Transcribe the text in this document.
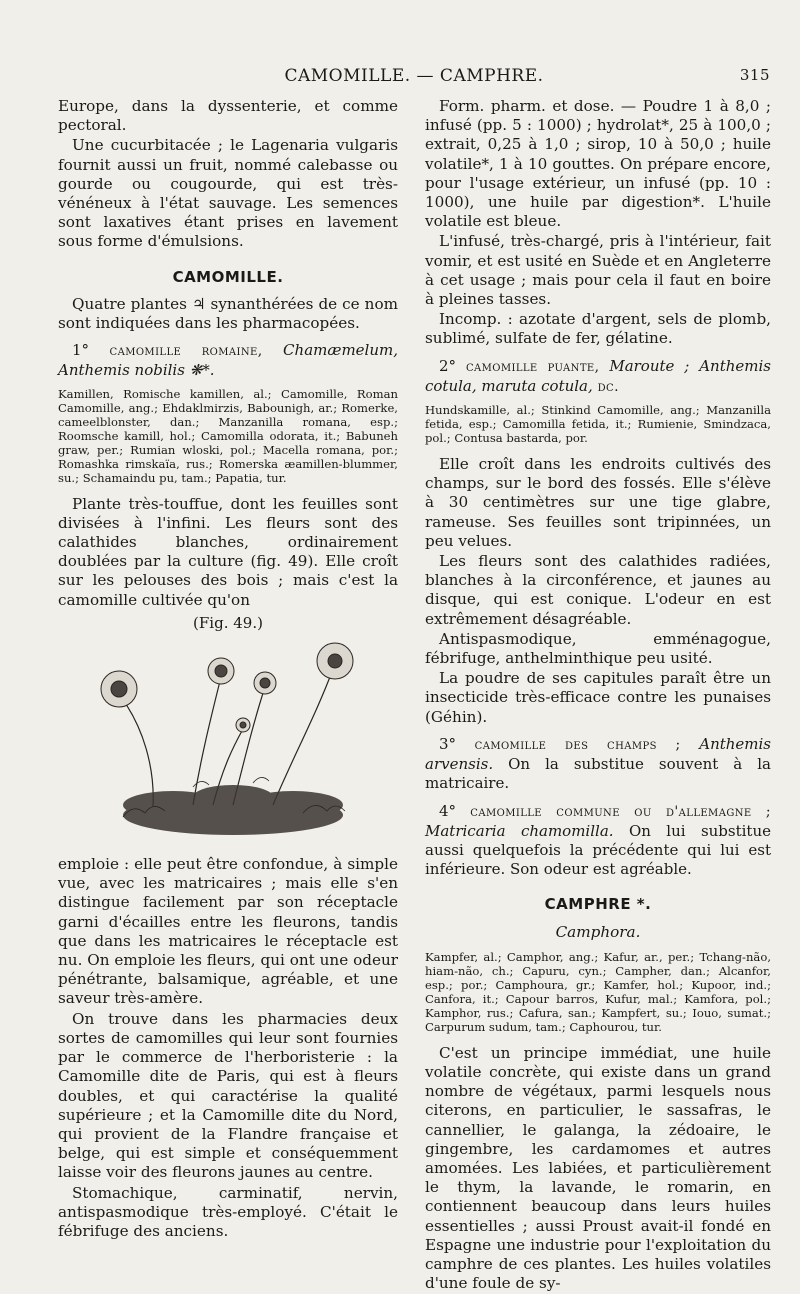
CAMOMILLE. — CAMPHRE.	315

Europe, dans la dyssenterie, et comme pectoral.

Une cucurbitacée ; le Lagenaria vulgaris fournit aussi un fruit, nommé calebasse ou gourde ou cougourde, qui est très-vénéneux à l'état sauvage. Les semences sont laxatives étant prises en lavement sous forme d'émulsions.

CAMOMILLE.

Quatre plantes ♃ synanthérées de ce nom sont indiquées dans les pharmacopées.

1° camomille romaine, Chamæmelum, Anthemis nobilis ❋*.
Kamillen, Romische kamillen, al.; Camomille, Roman Camomille, ang.; Ehdaklmirzis, Babounigh, ar.; Romerke, cameelblonster, dan.; Manzanilla romana, esp.; Roomsche kamill, hol.; Camomilla odorata, it.; Babuneh graw, per.; Rumian wloski, pol.; Macella romana, por.; Romashka rimskaïa, rus.; Romerska æamillen-blummer, su.; Schamaindu pu, tam.; Papatia, tur.

Plante très-touffue, dont les feuilles sont divisées à l'infini. Les fleurs sont des calathides blanches, ordinairement doublées par la culture (fig. 49). Elle croît sur les pelouses des bois ; mais c'est la camomille cultivée qu'on

(Fig. 49.)

emploie : elle peut être confondue, à simple vue, avec les matricaires ; mais elle s'en distingue facilement par son réceptacle garni d'écailles entre les fleurons, tandis que dans les matricaires le réceptacle est nu. On emploie les fleurs, qui ont une odeur pénétrante, balsamique, agréable, et une saveur très-amère.

On trouve dans les pharmacies deux sortes de camomilles qui leur sont fournies par le commerce de l'herboristerie : la Camomille dite de Paris, qui est à fleurs doubles, et qui caractérise la qualité supérieure ; et la Camomille dite du Nord, qui provient de la Flandre française et belge, qui est simple et conséquemment laisse voir des fleurons jaunes au centre.

Stomachique, carminatif, nervin, antispasmodique très-employé. C'était le fébrifuge des anciens.

Form. pharm. et dose. — Poudre 1 à 8,0 ; infusé (pp. 5 : 1000) ; hydrolat*, 25 à 100,0 ; extrait, 0,25 à 1,0 ; sirop, 10 à 50,0 ; huile volatile*, 1 à 10 gouttes. On prépare encore, pour l'usage extérieur, un infusé (pp. 10 : 1000), une huile par digestion*. L'huile volatile est bleue.

L'infusé, très-chargé, pris à l'intérieur, fait vomir, et est usité en Suède et en Angleterre à cet usage ; mais pour cela il faut en boire à pleines tasses.

Incomp. : azotate d'argent, sels de plomb, sublimé, sulfate de fer, gélatine.

2° camomille puante, Maroute ; Anthemis cotula, maruta cotula, dc.
Hundskamille, al.; Stinkind Camomille, ang.; Manzanilla fetida, esp.; Camomilla fetida, it.; Rumienie, Smindzaca, pol.; Contusa bastarda, por.

Elle croît dans les endroits cultivés des champs, sur le bord des fossés. Elle s'élève à 30 centimètres sur une tige glabre, rameuse. Ses feuilles sont tripinnées, un peu velues.

Les fleurs sont des calathides radiées, blanches à la circonférence, et jaunes au disque, qui est conique. L'odeur en est extrêmement désagréable.

Antispasmodique, emménagogue, fébrifuge, anthelminthique peu usité.

La poudre de ses capitules paraît être un insecticide très-efficace contre les punaises (Géhin).

3° camomille des champs ; Anthemis arvensis. On la substitue souvent à la matricaire.
4° camomille commune ou d'allemagne ; Matricaria chamomilla. On lui substitue aussi quelquefois la précédente qui lui est inférieure. Son odeur est agréable.
CAMPHRE *.
Camphora.
Kampfer, al.; Camphor, ang.; Kafur, ar., per.; Tchang-não, hiam-não, ch.; Capuru, cyn.; Campher, dan.; Alcanfor, esp.; por.; Camphoura, gr.; Kamfer, hol.; Kupoor, ind.; Canfora, it.; Capour barros, Kufur, mal.; Kamfora, pol.; Kamphor, rus.; Cafura, san.; Kampfert, su.; Iouo, sumat.; Carpurum sudum, tam.; Caphourou, tur.

C'est un principe immédiat, une huile volatile concrète, qui existe dans un grand nombre de végétaux, parmi lesquels nous citerons, en particulier, le sassafras, le cannellier, le galanga, la zédoaire, le gingembre, les cardamomes et autres amomées. Les labiées, et particulièrement le thym, la lavande, le romarin, en contiennent beaucoup dans leurs huiles essentielles ; aussi Proust avait-il fondé en Espagne une industrie pour l'exploitation du camphre de ces plantes. Les huiles volatiles d'une foule de sy-
